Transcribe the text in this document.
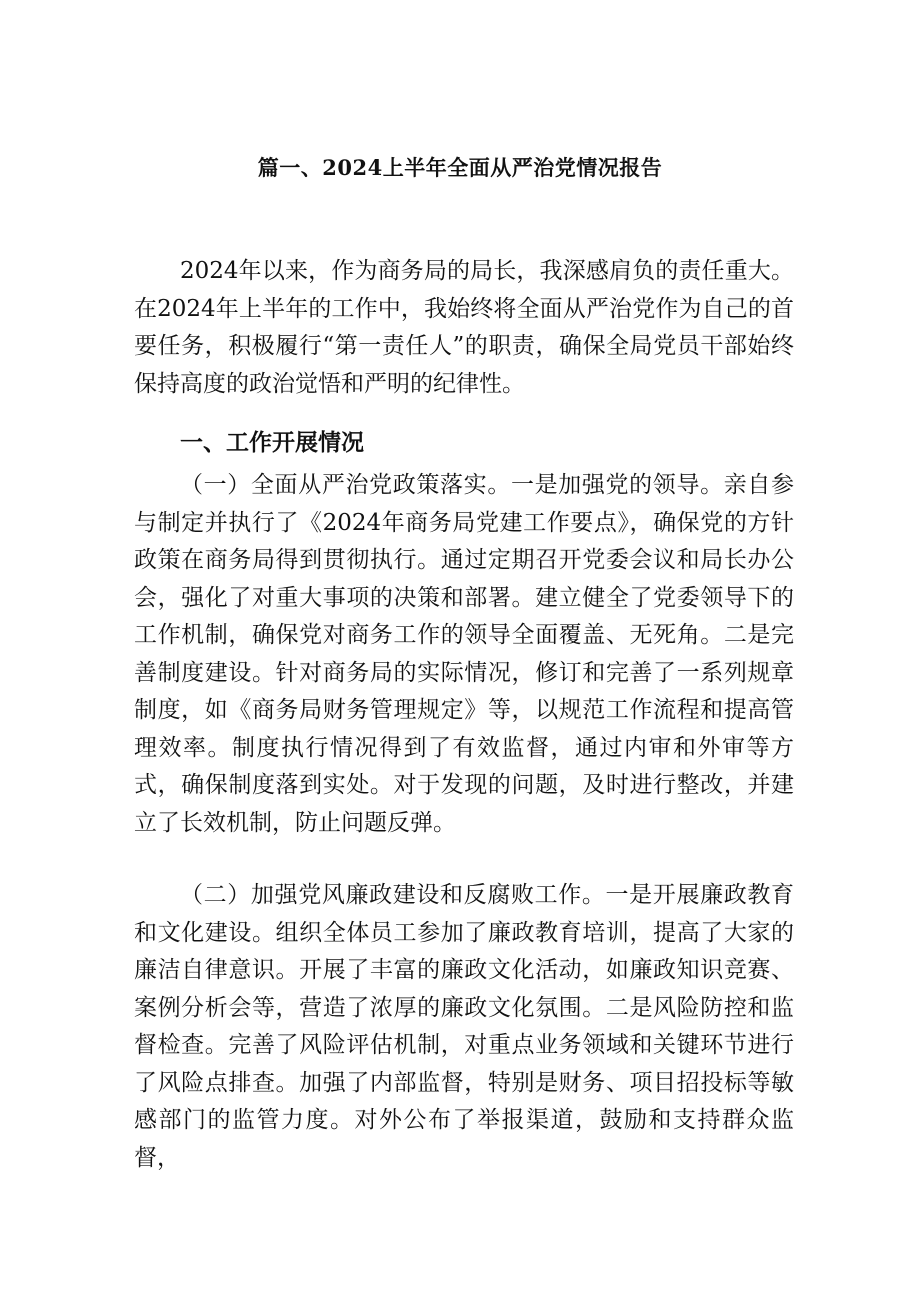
篇一、2024上半年全面从严治党情况报告

2024年以来，作为商务局的局长，我深感肩负的责任重大。在2024年上半年的工作中，我始终将全面从严治党作为自己的首要任务，积极履行“第一责任人”的职责，确保全局党员干部始终保持高度的政治觉悟和严明的纪律性。

一、工作开展情况

（一）全面从严治党政策落实。一是加强党的领导。亲自参与制定并执行了《2024年商务局党建工作要点》，确保党的方针政策在商务局得到贯彻执行。通过定期召开党委会议和局长办公会，强化了对重大事项的决策和部署。建立健全了党委领导下的工作机制，确保党对商务工作的领导全面覆盖、无死角。二是完善制度建设。针对商务局的实际情况，修订和完善了一系列规章制度，如《商务局财务管理规定》等，以规范工作流程和提高管理效率。制度执行情况得到了有效监督，通过内审和外审等方式，确保制度落到实处。对于发现的问题，及时进行整改，并建立了长效机制，防止问题反弹。

（二）加强党风廉政建设和反腐败工作。一是开展廉政教育和文化建设。组织全体员工参加了廉政教育培训，提高了大家的廉洁自律意识。开展了丰富的廉政文化活动，如廉政知识竞赛、案例分析会等，营造了浓厚的廉政文化氛围。二是风险防控和监督检查。完善了风险评估机制，对重点业务领域和关键环节进行了风险点排查。加强了内部监督，特别是财务、项目招投标等敏感部门的监管力度。对外公布了举报渠道，鼓励和支持群众监督，
